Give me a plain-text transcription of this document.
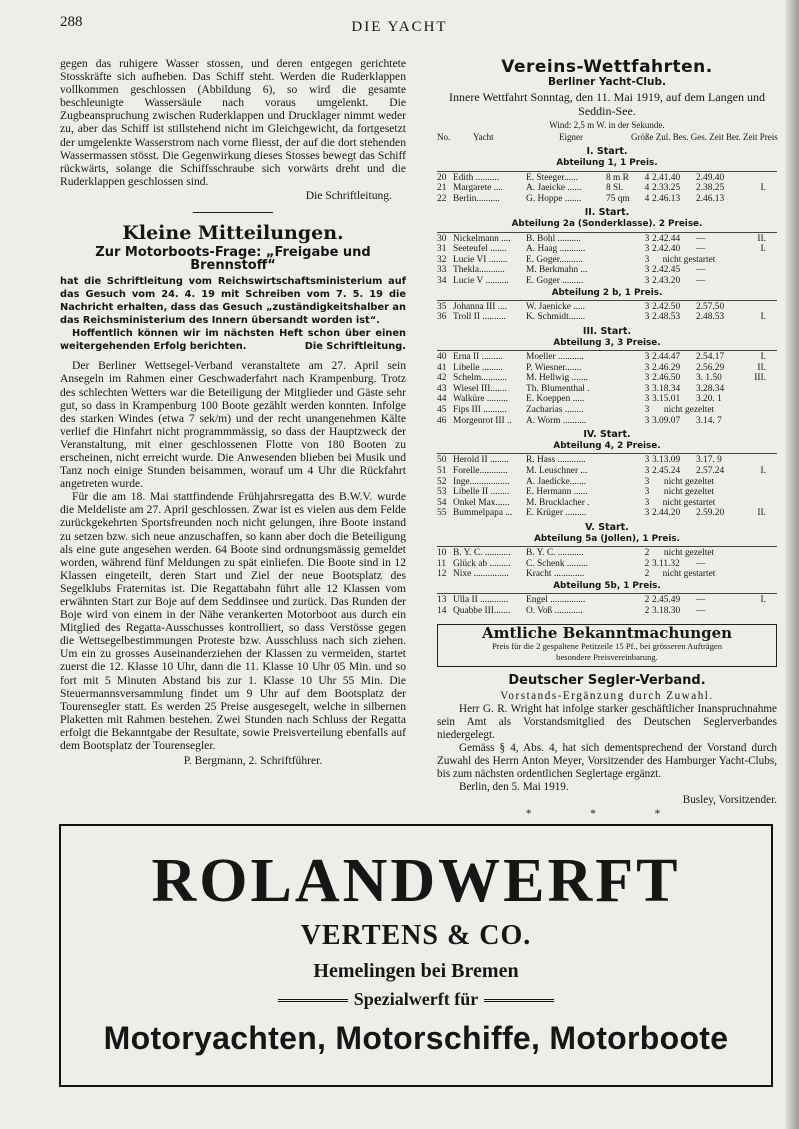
288	DIE YACHT

gegen das ruhigere Wasser stossen, und deren entgegen gerichtete Stosskräfte sich aufheben. Das Schiff steht. Werden die Ruderklappen vollkommen geschlossen (Abbildung 6), so wird die gesamte beschleunigte Wassersäule nach voraus umgelenkt. Die Zugbeanspruchung zwischen Ruderklappen und Drucklager nimmt weder zu, aber das Schiff ist stillstehend nicht im Gleichgewicht, da fortgesetzt der umgelenkte Wasserstrom nach vorne fliesst, der auf die dort stehenden Wassermassen stösst. Die Gegenwirkung dieses Stosses bewegt das Schiff rückwärts, solange die Schiffsschraube sich vorwärts dreht und die Ruderklappen geschlossen sind.

Die Schriftleitung.
Kleine Mitteilungen.
Zur Motorboots-Frage: „Freigabe und Brennstoff“

hat die Schriftleitung vom Reichswirtschaftsministerium auf das Gesuch vom 24. 4. 19 mit Schreiben vom 7. 5. 19 die Nachricht erhalten, dass das Gesuch „zuständigkeitshalber an das Reichsministerium des Innern übersandt worden ist“.

Hoffentlich können wir im nächsten Heft schon über einen weitergehenden Erfolg berichten.	Die Schriftleitung.

Der Berliner Wettsegel-Verband veranstaltete am 27. April sein Ansegeln im Rahmen einer Geschwaderfahrt nach Krampenburg. Trotz des schlechten Wetters war die Beteiligung der Mitglieder und Gäste sehr gut, so dass in Krampenburg 100 Boote gezählt werden konnten. Infolge des starken Windes (etwa 7 sek/m) und der recht unangenehmen Kälte verlief die Hinfahrt nicht programmmässig, so dass der Hauptzweck der Veranstaltung, mit einer geschlossenen Flotte von 180 Booten zu erscheinen, nicht erreicht wurde. Die Anwesenden blieben bei Musik und Tanz noch einige Stunden beisammen, worauf um 4 Uhr die Rückfahrt angetreten wurde.

Für die am 18. Mai stattfindende Frühjahrsregatta des B.W.V. wurde die Meldeliste am 27. April geschlossen. Zwar ist es vielen aus dem Felde zurückgekehrten Sportsfreunden noch nicht gelungen, ihre Boote instand zu setzen bzw. sich neue anzuschaffen, so kann aber doch die Beteiligung als eine gute angesehen werden. 64 Boote sind ordnungsmässig gemeldet worden, während fünf Meldungen zu spät einliefen. Die Boote sind in 12 Klassen eingeteilt, deren Start und Ziel der neue Bootsplatz des Segelklubs Fraternitas ist. Die Regattabahn führt alle 12 Klassen vom erwähnten Start zur Boje auf dem Seddinsee und zurück. Das Runden der Boje wird von einem in der Nähe verankerten Motorboot aus durch ein Mitglied des Regatta-Ausschusses kontrolliert, so dass Verstösse gegen die Wettsegelbestimmungen Proteste bzw. Ausschluss nach sich ziehen. Um ein zu grosses Auseinanderziehen der Klassen zu vermeiden, startet zuerst die 12. Klasse 10 Uhr, dann die 11. Klasse 10 Uhr 05 Min. und so fort mit 5 Minuten Abstand bis zur 1. Klasse 10 Uhr 55 Min. Die Steuermannsversammlung findet um 9 Uhr auf dem Bootsplatz der Tourensegler statt. Es werden 25 Preise ausgesegelt, welche in silbernen Plaketten mit Rahmen bestehen. Zwei Stunden nach Schluss der Regatta erfolgt die Bekanntgabe der Resultate, sowie Preisverteilung ebenfalls auf dem Bootsplatz der Tourensegler.

P. Bergmann, 2. Schriftführer.
Vereins-Wettfahrten.
Berliner Yacht-Club.
Innere Wettfahrt Sonntag, den 11. Mai 1919, auf dem Langen und Seddin-See.
Wind: 2,5 m W. in der Sekunde.
No.	Yacht	Eigner	Größe Zul. Bes. Ges. Zeit Ber. Zeit Preis
I. Start.
Abteilung 1, 1 Preis.
20 Edith ..........	E. Steeger......	8 m R	4 2.41.40	2.49.40
21 Margarete ....	A. Jaeicke ......	8 Sl.	4 2.33.25	2.38.25	I.
22 Berlin..........	G. Hoppe .......	75 qm	4 2.46.13	2.46.13
II. Start.
Abteilung 2a (Sonderklasse). 2 Preise.
30 Nickelmann ....	B. Bohl ..........	3 2.42.44	—	II.
31 Seeteufel .......	A. Haag ...........	3 2.42.40	—	I.
32 Lucie VI ........	E. Goger..........	3	nicht gestartet
33 Thekla...........	M. Berkmahn ...	3 2.42.45	—
34 Lucie V ..........	E. Goger .........	3 2.43.20	—
Abteilung 2 b, 1 Preis.
35 Johanna III ....	W. Jaenicke .....	3 2.42.50	2.57.50
36 Troll II ..........	K. Schmidt.......	3 2.48.53	2.48.53	I.
III. Start.
Abteilung 3, 3 Preise.
40 Erna II .........	Moeller ...........	3 2.44.47	2.54.17	I.
41 Libelle .........	P. Wiesner.......	3 2.46.29	2.56.29	II.
42 Schelm...........	M. Hellwig .......	3 2.46.50	3. 1.50	III.
43 Wiesel III.......	Th. Blumenthal .	3 3.18.34	3.28.34
44 Walküre .........	E. Koeppen .....	3 3.15.01	3.20. 1
45 Fips III ..........	Zacharias ........	3	nicht gezeltet
46 Morgenrot III ..	A. Worm ..........	3 3.09.07	3.14. 7
IV. Start.
Abteilung 4, 2 Preise.
50 Herold II ........	R. Hass ............	3 3.13.09	3.17. 9
51 Forelle............	M. Leuschner ...	3 2.45.24	2.57.24	I.
52 Inge.................	A. Jaedicke.......	3	nicht gezeltet
53 Libelle II ........	E. Hermann ......	3	nicht gezeltet
54 Onkel Max......	M. Brucklacher .	3	nicht gestartet
55 Bummelpapa ...	E. Krüger .........	3 2.44.20	2.59.20	II.
V. Start.
Abteilung 5a (Jollen), 1 Preis.
10 B. Y. C. ...........	B. Y. C. ...........	2	nicht gezeltet
11 Glück ab .........	C. Schenk .........	2 3.11.32	—
12 Nixe ...............	Kracht .............	2	nicht gestartet
Abteilung 5b, 1 Preis.
13 Ulla II ............	Engel ...............	2 2.45.49	—	I.
14 Quabbe III.......	O. Voß ............	2 3.18.30	—
Amtliche Bekanntmachungen
Preis für die 2 gespaltene Petitzeile 15 Pf., bei grösseren Aufträgen
besondere Preisvereinbarung.
Deutscher Segler-Verband.
Vorstands-Ergänzung durch Zuwahl.

Herr G. R. Wright hat infolge starker geschäftlicher Inanspruchnahme sein Amt als Vorstandsmitglied des Deutschen Seglerverbandes niedergelegt.

Gemäss § 4, Abs. 4, hat sich dementsprechend der Vorstand durch Zuwahl des Herrn Anton Meyer, Vorsitzender des Hamburger Yacht-Clubs, bis zum nächsten ordentlichen Seglertage ergänzt.

Berlin, den 5. Mai 1919.

Busley, Vorsitzender.
* * *
ROLANDWERFT
VERTENS & CO.
Hemelingen bei Bremen
Spezialwerft für
Motoryachten, Motorschiffe, Motorboote
